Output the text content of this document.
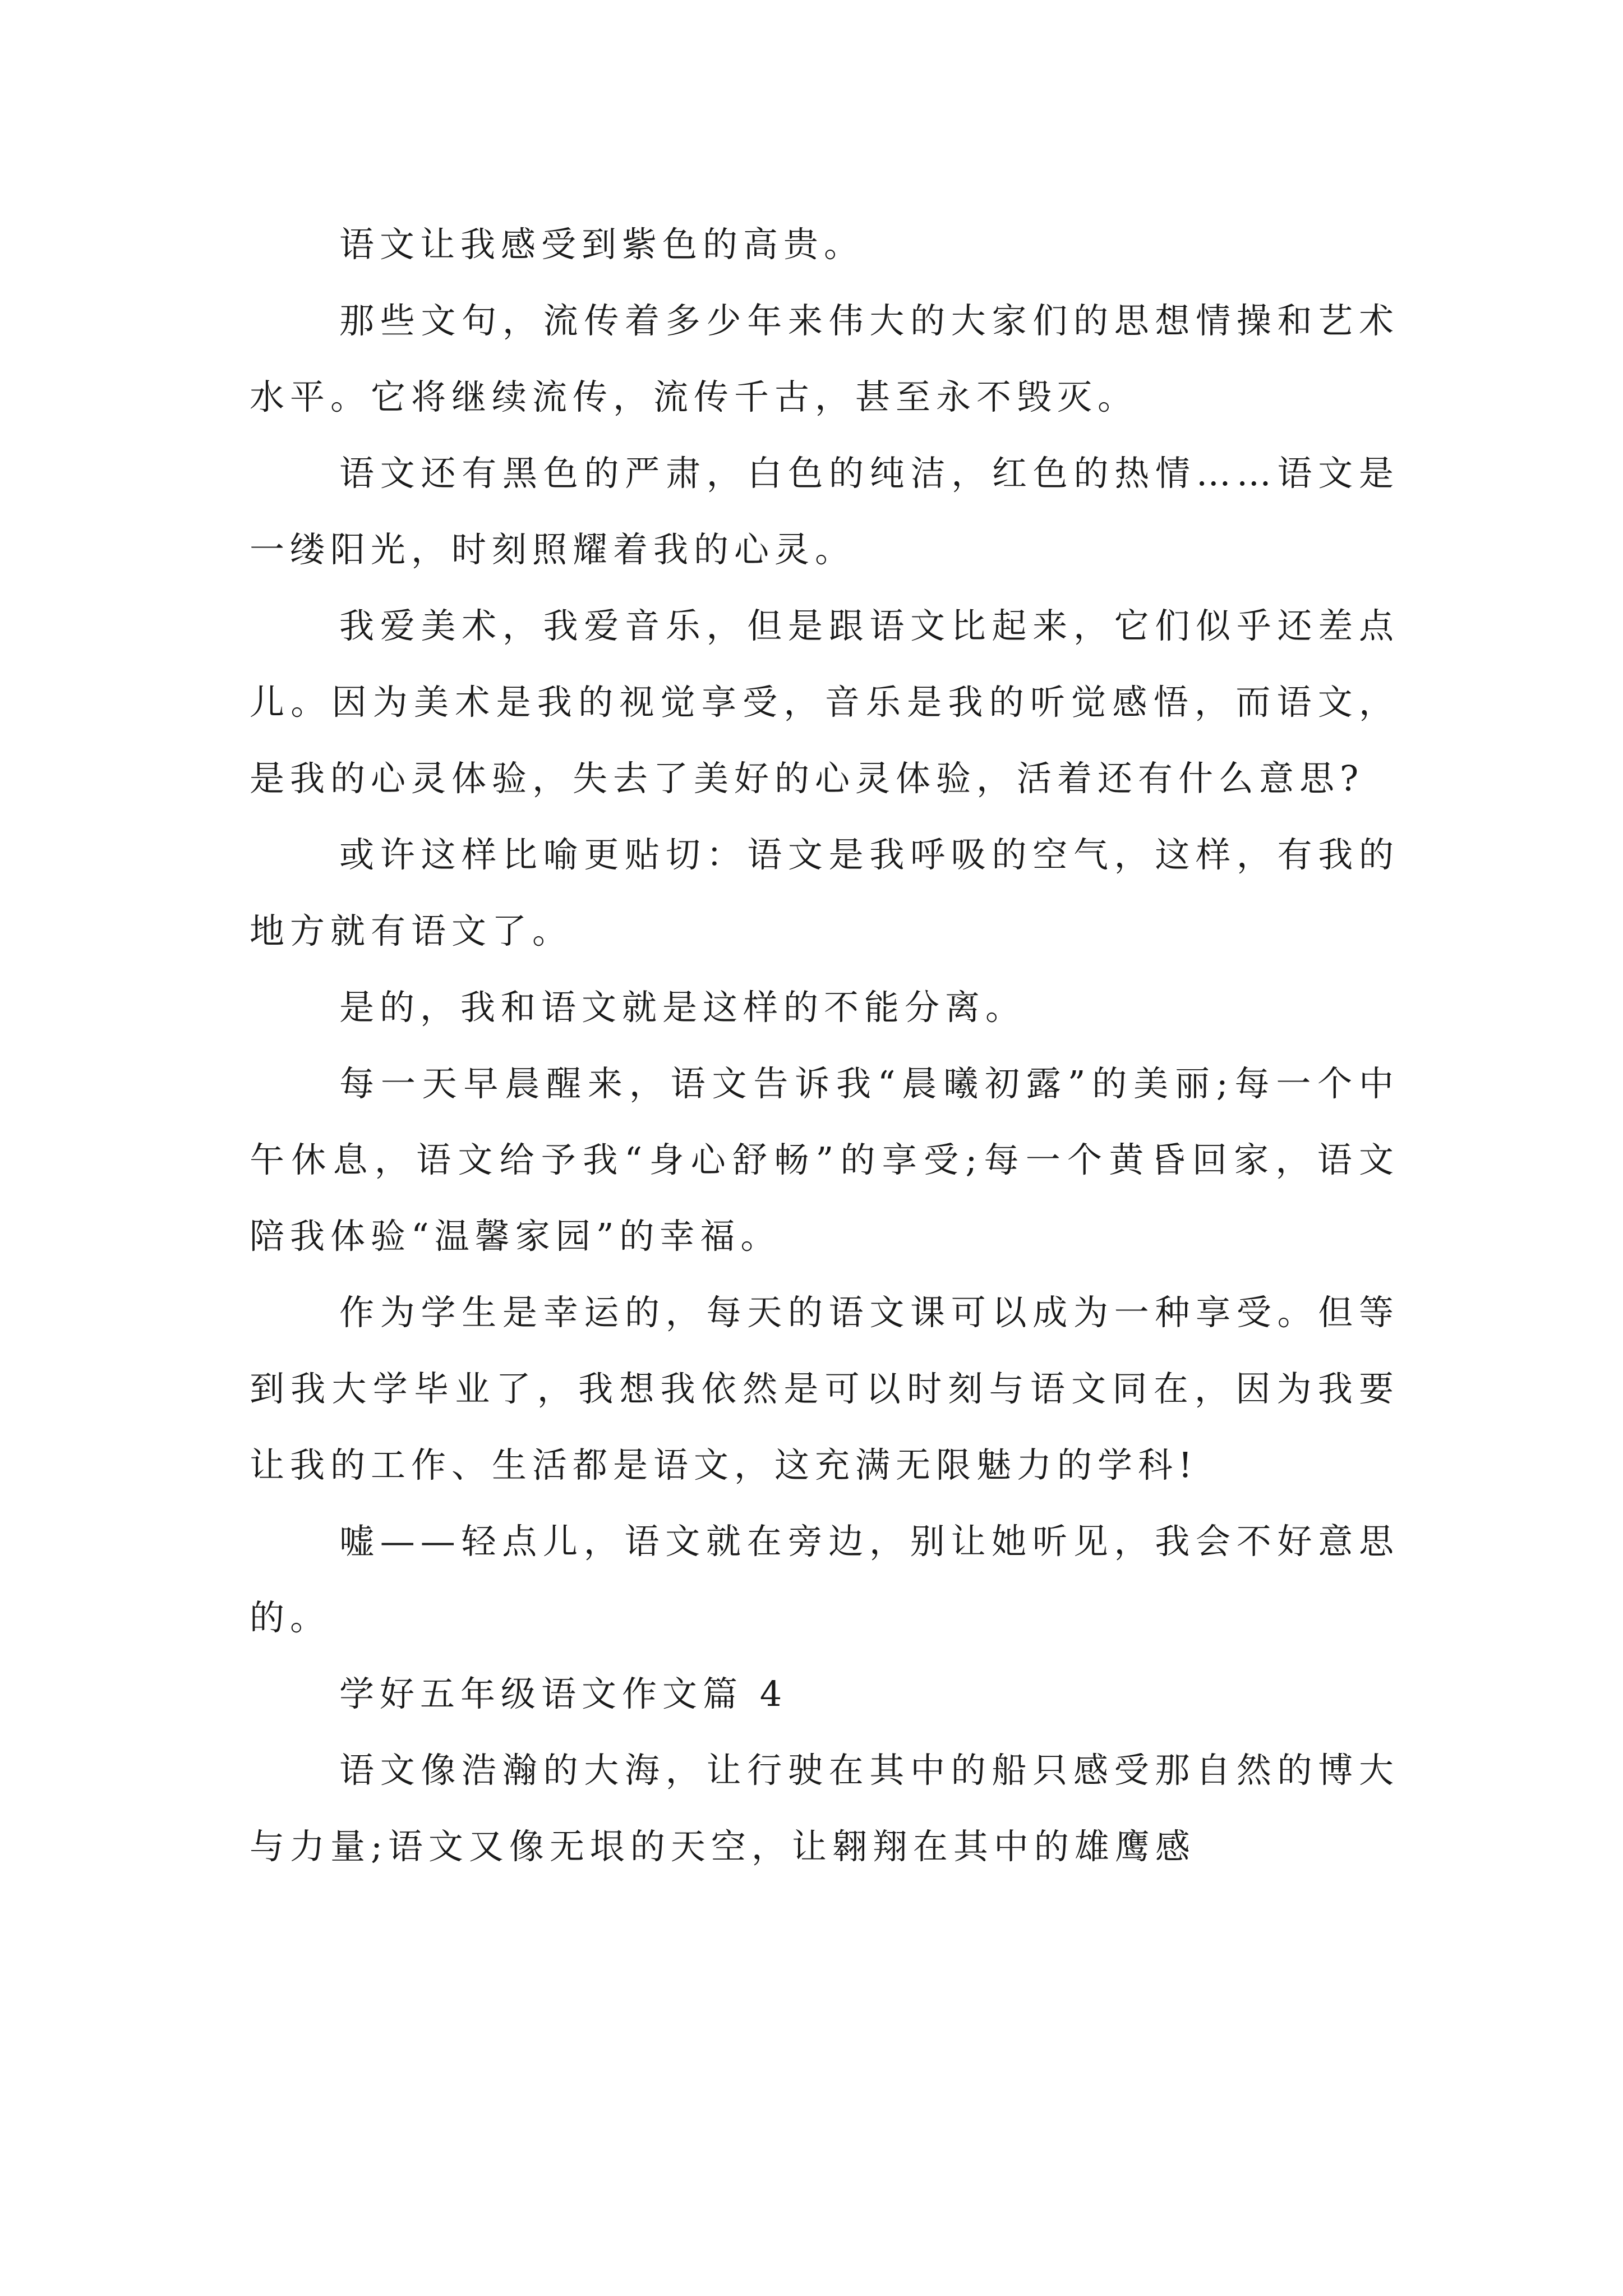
语文让我感受到紫色的高贵。

那些文句，流传着多少年来伟大的大家们的思想情操和艺术水平。它将继续流传，流传千古，甚至永不毁灭。

语文还有黑色的严肃，白色的纯洁，红色的热情……语文是一缕阳光，时刻照耀着我的心灵。

我爱美术，我爱音乐，但是跟语文比起来，它们似乎还差点儿。因为美术是我的视觉享受，音乐是我的听觉感悟，而语文，是我的心灵体验，失去了美好的心灵体验，活着还有什么意思?

或许这样比喻更贴切：语文是我呼吸的空气，这样，有我的地方就有语文了。

是的，我和语文就是这样的不能分离。

每一天早晨醒来，语文告诉我“晨曦初露”的美丽;每一个中午休息，语文给予我“身心舒畅”的享受;每一个黄昏回家，语文陪我体验“温馨家园”的幸福。

作为学生是幸运的，每天的语文课可以成为一种享受。但等到我大学毕业了，我想我依然是可以时刻与语文同在，因为我要让我的工作、生活都是语文，这充满无限魅力的学科!

嘘——轻点儿，语文就在旁边，别让她听见，我会不好意思的。

学好五年级语文作文篇 4

语文像浩瀚的大海，让行驶在其中的船只感受那自然的博大与力量;语文又像无垠的天空，让翱翔在其中的雄鹰感
